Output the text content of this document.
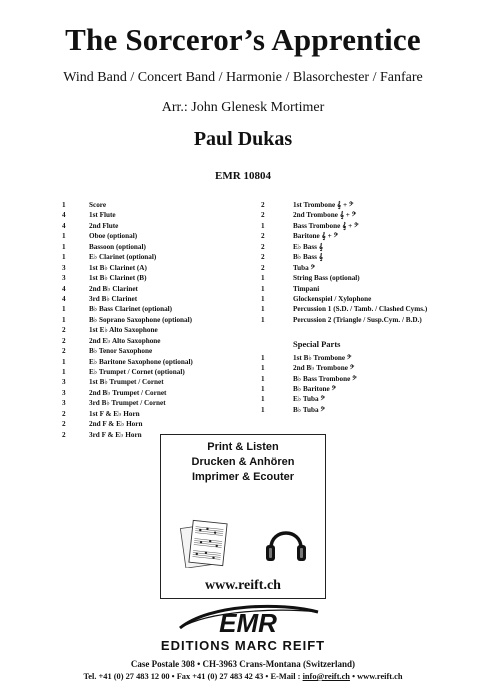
The Sorceror’s Apprentice
Wind Band / Concert Band / Harmonie / Blasorchester / Fanfare
Arr.: John Glenesk Mortimer
Paul Dukas
EMR 10804
1	Score
4	1st Flute
4	2nd Flute
1	Oboe (optional)
1	Bassoon (optional)
1	E♭ Clarinet (optional)
3	1st B♭ Clarinet (A)
3	1st B♭ Clarinet (B)
4	2nd B♭ Clarinet
4	3rd B♭ Clarinet
1	B♭ Bass Clarinet (optional)
1	B♭ Soprano Saxophone (optional)
2	1st E♭ Alto Saxophone
2	2nd E♭ Alto Saxophone
2	B♭ Tenor Saxophone
1	E♭ Baritone Saxophone (optional)
1	E♭ Trumpet / Cornet (optional)
3	1st B♭ Trumpet / Cornet
3	2nd B♭ Trumpet / Cornet
3	3rd B♭ Trumpet / Cornet
2	1st F & E♭ Horn
2	2nd F & E♭ Horn
2	3rd F & E♭ Horn
2	1st Trombone 𝄞 + 𝄢
2	2nd Trombone 𝄞 + 𝄢
1	Bass Trombone 𝄞 + 𝄢
2	Baritone 𝄞 + 𝄢
2	E♭ Bass 𝄞
2	B♭ Bass 𝄞
2	Tuba 𝄢
1	String Bass (optional)
1	Timpani
1	Glockenspiel / Xylophone
1	Percussion 1 (S.D. / Tamb. / Clashed Cyms.)
1	Percussion 2 (Triangle / Susp.Cym. / B.D.)
Special Parts
1	1st B♭ Trombone 𝄢
1	2nd B♭ Trombone 𝄢
1	B♭ Bass Trombone 𝄢
1	B♭ Baritone 𝄢
1	E♭ Tuba 𝄢
1	B♭ Tuba 𝄢
Print & Listen
Drucken & Anhören
Imprimer & Ecouter
www.reift.ch
EMR
EDITIONS MARC REIFT
Case Postale 308 • CH-3963 Crans-Montana (Switzerland)
Tel. +41 (0) 27 483 12 00 • Fax +41 (0) 27 483 42 43 • E-Mail : info@reift.ch • www.reift.ch
